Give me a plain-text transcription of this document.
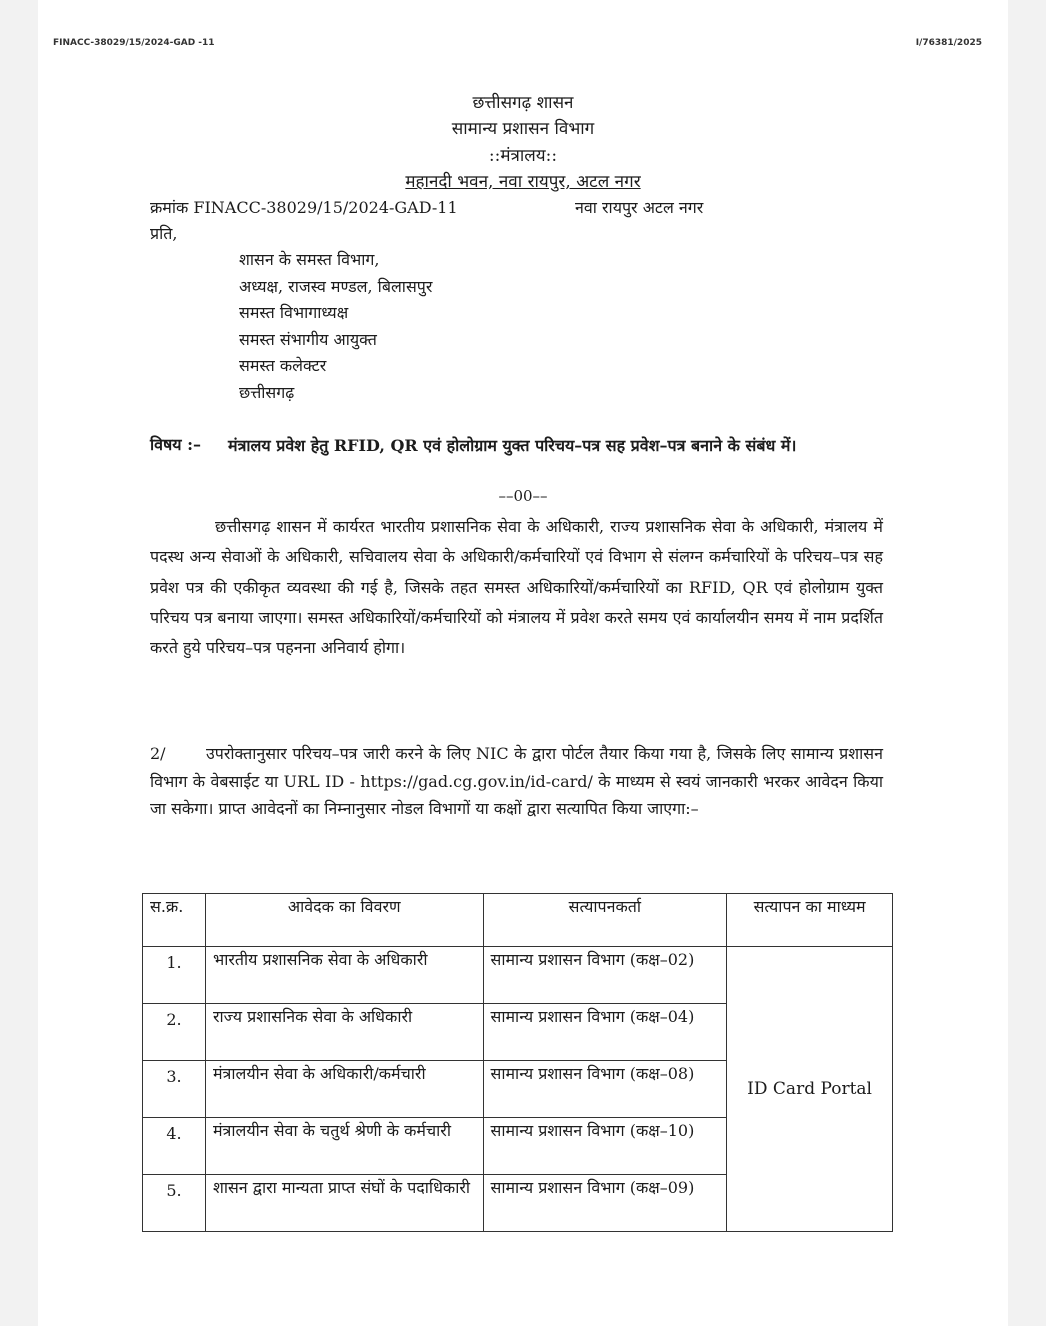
FINACC-38029/15/2024-GAD -11	I/76381/2025
छत्तीसगढ़ शासन
सामान्य प्रशासन विभाग
::मंत्रालय::
महानदी भवन, नवा रायपुर, अटल नगर
क्रमांक FINACC-38029/15/2024-GAD-11	नवा रायपुर अटल नगर
प्रति,
शासन के समस्त विभाग,
अध्यक्ष, राजस्व मण्डल, बिलासपुर
समस्त विभागाध्यक्ष
समस्त संभागीय आयुक्त
समस्त कलेक्टर
छत्तीसगढ़
विषय :– मंत्रालय प्रवेश हेतु RFID, QR एवं होलोग्राम युक्त परिचय–पत्र सह प्रवेश–पत्र बनाने के संबंध में।
––00––
छत्तीसगढ़ शासन में कार्यरत भारतीय प्रशासनिक सेवा के अधिकारी, राज्य प्रशासनिक सेवा के अधिकारी, मंत्रालय में पदस्थ अन्य सेवाओं के अधिकारी, सचिवालय सेवा के अधिकारी/कर्मचारियों एवं विभाग से संलग्न कर्मचारियों के परिचय–पत्र सह प्रवेश पत्र की एकीकृत व्यवस्था की गई है, जिसके तहत समस्त अधिकारियों/कर्मचारियों का RFID, QR एवं होलोग्राम युक्त परिचय पत्र बनाया जाएगा। समस्त अधिकारियों/कर्मचारियों को मंत्रालय में प्रवेश करते समय एवं कार्यालयीन समय में नाम प्रदर्शित करते हुये परिचय–पत्र पहनना अनिवार्य होगा।
2/	उपरोक्तानुसार परिचय–पत्र जारी करने के लिए NIC के द्वारा पोर्टल तैयार किया गया है, जिसके लिए सामान्य प्रशासन विभाग के वेबसाईट या URL ID - https://gad.cg.gov.in/id-card/ के माध्यम से स्वयं जानकारी भरकर आवेदन किया जा सकेगा। प्राप्त आवेदनों का निम्नानुसार नोडल विभागों या कक्षों द्वारा सत्यापित किया जाएगा:–
स.क्र.	आवेदक का विवरण	सत्यापनकर्ता	सत्यापन का माध्यम
1.	भारतीय प्रशासनिक सेवा के अधिकारी	सामान्य प्रशासन विभाग (कक्ष–02)	ID Card Portal
2.	राज्य प्रशासनिक सेवा के अधिकारी	सामान्य प्रशासन विभाग (कक्ष–04)	
3.	मंत्रालयीन सेवा के अधिकारी/कर्मचारी	सामान्य प्रशासन विभाग (कक्ष–08)	
4.	मंत्रालयीन सेवा के चतुर्थ श्रेणी के कर्मचारी	सामान्य प्रशासन विभाग (कक्ष–10)	
5.	शासन द्वारा मान्यता प्राप्त संघों के पदाधिकारी	सामान्य प्रशासन विभाग (कक्ष–09)	
